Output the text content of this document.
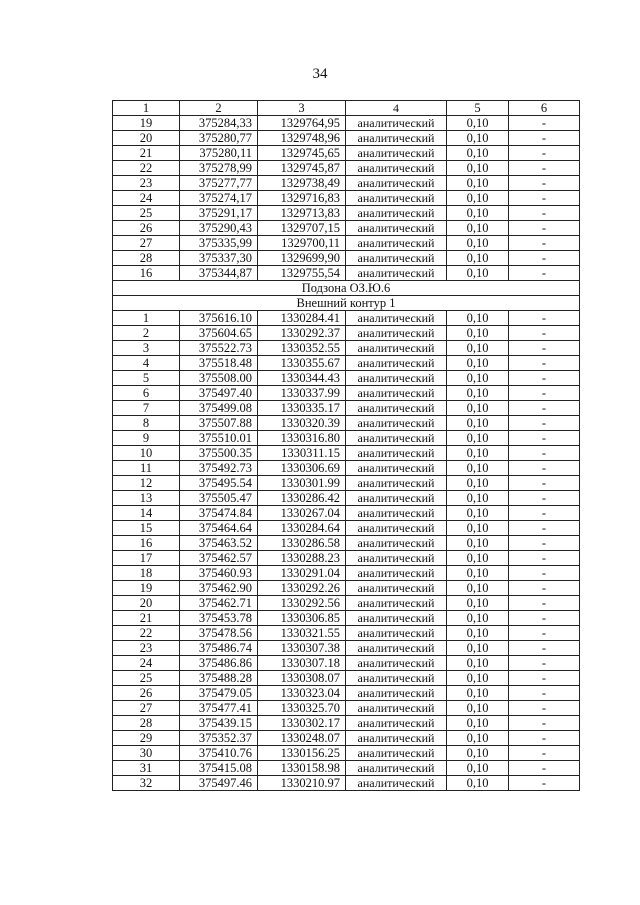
34
1	2	3	4	5	6
19	375284,33	1329764,95	аналитический	0,10	-
20	375280,77	1329748,96	аналитический	0,10	-
21	375280,11	1329745,65	аналитический	0,10	-
22	375278,99	1329745,87	аналитический	0,10	-
23	375277,77	1329738,49	аналитический	0,10	-
24	375274,17	1329716,83	аналитический	0,10	-
25	375291,17	1329713,83	аналитический	0,10	-
26	375290,43	1329707,15	аналитический	0,10	-
27	375335,99	1329700,11	аналитический	0,10	-
28	375337,30	1329699,90	аналитический	0,10	-
16	375344,87	1329755,54	аналитический	0,10	-
Подзона ОЗ.Ю.6					
Внешний контур 1					
1	375616.10	1330284.41	аналитический	0,10	-
2	375604.65	1330292.37	аналитический	0,10	-
3	375522.73	1330352.55	аналитический	0,10	-
4	375518.48	1330355.67	аналитический	0,10	-
5	375508.00	1330344.43	аналитический	0,10	-
6	375497.40	1330337.99	аналитический	0,10	-
7	375499.08	1330335.17	аналитический	0,10	-
8	375507.88	1330320.39	аналитический	0,10	-
9	375510.01	1330316.80	аналитический	0,10	-
10	375500.35	1330311.15	аналитический	0,10	-
11	375492.73	1330306.69	аналитический	0,10	-
12	375495.54	1330301.99	аналитический	0,10	-
13	375505.47	1330286.42	аналитический	0,10	-
14	375474.84	1330267.04	аналитический	0,10	-
15	375464.64	1330284.64	аналитический	0,10	-
16	375463.52	1330286.58	аналитический	0,10	-
17	375462.57	1330288.23	аналитический	0,10	-
18	375460.93	1330291.04	аналитический	0,10	-
19	375462.90	1330292.26	аналитический	0,10	-
20	375462.71	1330292.56	аналитический	0,10	-
21	375453.78	1330306.85	аналитический	0,10	-
22	375478.56	1330321.55	аналитический	0,10	-
23	375486.74	1330307.38	аналитический	0,10	-
24	375486.86	1330307.18	аналитический	0,10	-
25	375488.28	1330308.07	аналитический	0,10	-
26	375479.05	1330323.04	аналитический	0,10	-
27	375477.41	1330325.70	аналитический	0,10	-
28	375439.15	1330302.17	аналитический	0,10	-
29	375352.37	1330248.07	аналитический	0,10	-
30	375410.76	1330156.25	аналитический	0,10	-
31	375415.08	1330158.98	аналитический	0,10	-
32	375497.46	1330210.97	аналитический	0,10	-
